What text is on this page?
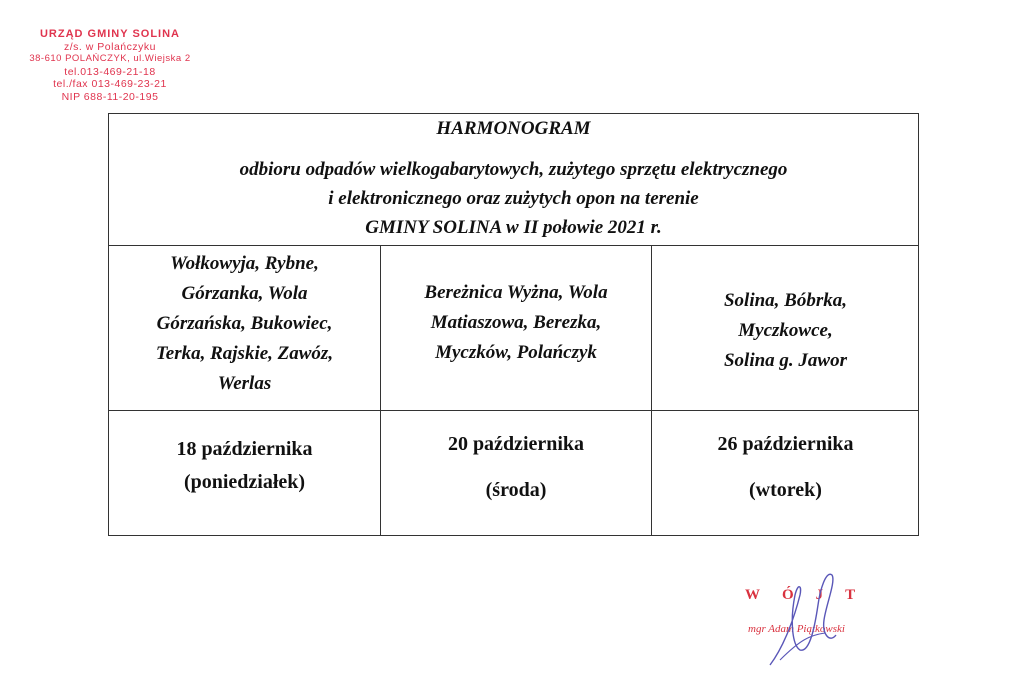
URZĄD GMINY SOLINA
z/s. w Polańczyku
38-610 POLAŃCZYK, ul.Wiejska 2
tel.013-469-21-18
tel./fax 013-469-23-21
NIP 688-11-20-195
HARMONOGRAM
odbioru odpadów wielkogabarytowych, zużytego sprzętu elektrycznego
i elektronicznego oraz zużytych opon na terenie
GMINY SOLINA w II połowie 2021 r.
Wołkowyja, Rybne,
Górzanka, Wola
Górzańska, Bukowiec,
Terka, Rajskie, Zawóz,
Werlas
Bereżnica Wyżna, Wola
Matiaszowa, Berezka,
Myczków, Polańczyk
Solina, Bóbrka,
Myczkowce,
Solina g. Jawor
18 października
(poniedziałek)
20 października
(środa)
26 października
(wtorek)
WÓJT
mgr Adam Piątkowski
